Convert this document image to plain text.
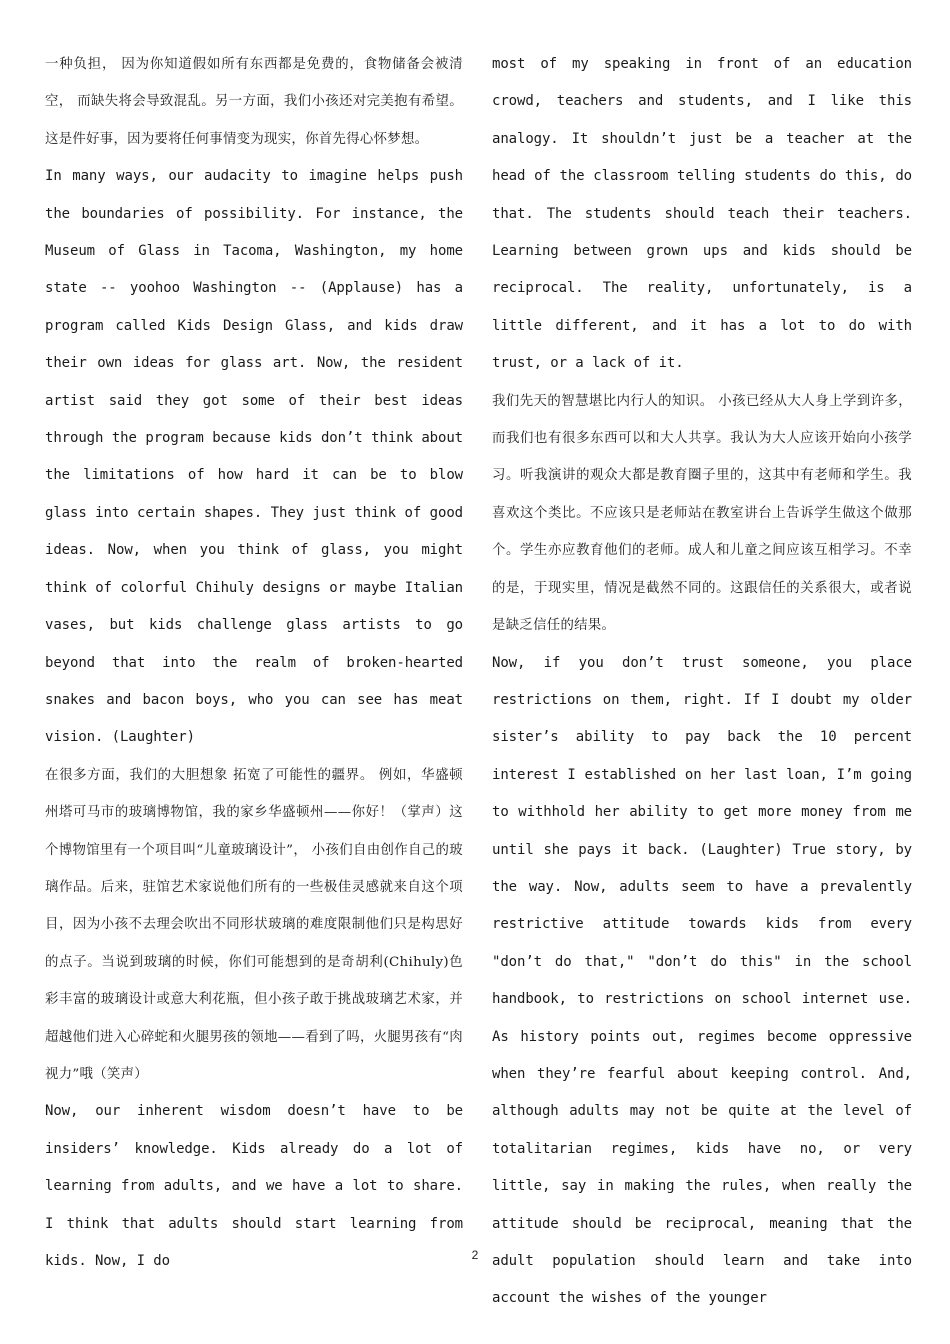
一种负担， 因为你知道假如所有东西都是免费的，食物储备会被清空， 而缺失将会导致混乱。另一方面，我们小孩还对完美抱有希望。这是件好事，因为要将任何事情变为现实，你首先得心怀梦想。

In many ways, our audacity to imagine helps push the boundaries of possibility. For instance, the Museum of Glass in Tacoma, Washington, my home state -- yoohoo Washington -- (Applause) has a program called Kids Design Glass, and kids draw their own ideas for glass art. Now, the resident artist said they got some of their best ideas through the program because kids don’t think about the limitations of how hard it can be to blow glass into certain shapes. They just think of good ideas. Now, when you think of glass, you might think of colorful Chihuly designs or maybe Italian vases, but kids challenge glass artists to go beyond that into the realm of broken-hearted snakes and bacon boys, who you can see has meat vision. (Laughter)

在很多方面，我们的大胆想象 拓宽了可能性的疆界。 例如，华盛顿州塔可马市的玻璃博物馆，我的家乡华盛顿州——你好！（掌声）这个博物馆里有一个项目叫“儿童玻璃设计”， 小孩们自由创作自己的玻璃作品。后来，驻馆艺术家说他们所有的一些极佳灵感就来自这个项目，因为小孩不去理会吹出不同形状玻璃的难度限制他们只是构思好的点子。当说到玻璃的时候，你们可能想到的是奇胡利(Chihuly)色彩丰富的玻璃设计或意大利花瓶，但小孩子敢于挑战玻璃艺术家，并超越他们进入心碎蛇和火腿男孩的领地——看到了吗，火腿男孩有“肉视力”哦（笑声）

Now, our inherent wisdom doesn’t have to be insiders’ knowledge. Kids already do a lot of learning from adults, and we have a lot to share. I think that adults should start learning from kids. Now, I do

most of my speaking in front of an education crowd, teachers and students, and I like this analogy. It shouldn’t just be a teacher at the head of the classroom telling students do this, do that. The students should teach their teachers. Learning between grown ups and kids should be reciprocal. The reality, unfortunately, is a little different, and it has a lot to do with trust, or a lack of it.

我们先天的智慧堪比内行人的知识。 小孩已经从大人身上学到许多，而我们也有很多东西可以和大人共享。我认为大人应该开始向小孩学习。听我演讲的观众大都是教育圈子里的，这其中有老师和学生。我喜欢这个类比。不应该只是老师站在教室讲台上告诉学生做这个做那个。学生亦应教育他们的老师。成人和儿童之间应该互相学习。不幸的是，于现实里，情况是截然不同的。这跟信任的关系很大，或者说是缺乏信任的结果。

Now, if you don’t trust someone, you place restrictions on them, right. If I doubt my older sister’s ability to pay back the 10 percent interest I established on her last loan, I’m going to withhold her ability to get more money from me until she pays it back. (Laughter) True story, by the way. Now, adults seem to have a prevalently restrictive attitude towards kids from every "don’t do that," "don’t do this" in the school handbook, to restrictions on school internet use. As history points out, regimes become oppressive when they’re fearful about keeping control. And, although adults may not be quite at the level of totalitarian regimes, kids have no, or very little, say in making the rules, when really the attitude should be reciprocal, meaning that the adult population should learn and take into account the wishes of the younger

2
